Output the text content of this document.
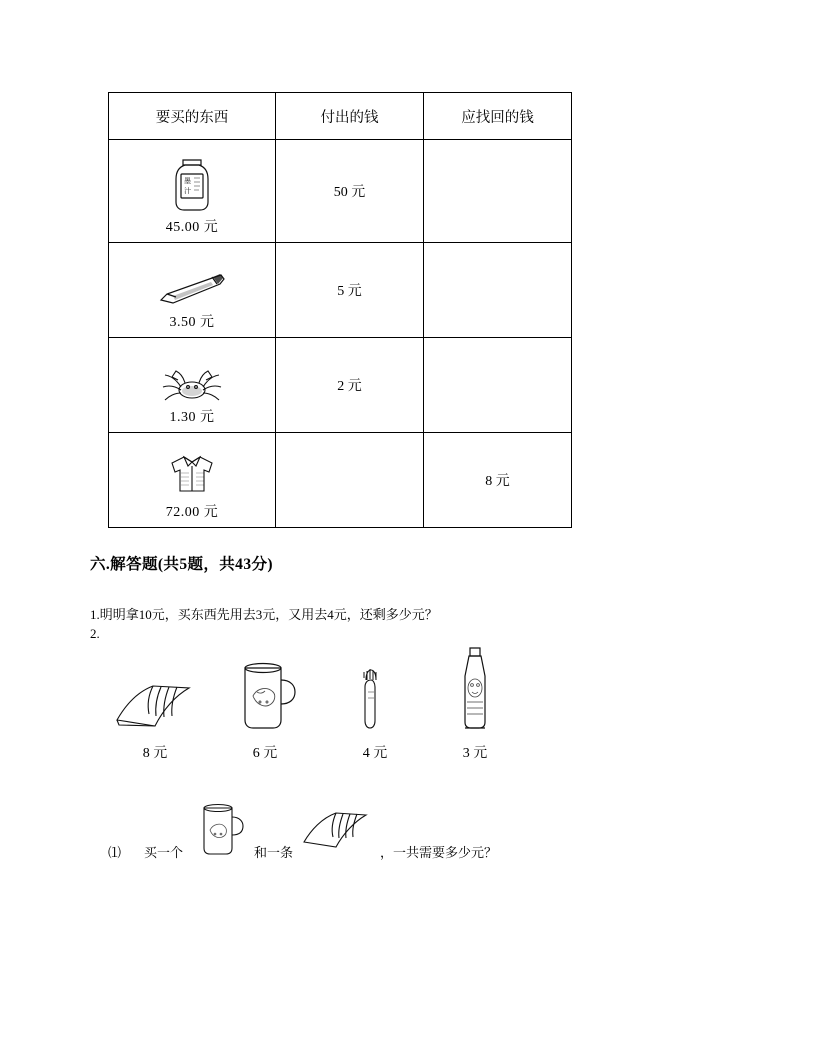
要买的东西	付出的钱	应找回的钱

墨
汁
45.00 元	50 元	

3.50 元	5 元	

1.30 元	2 元	

72.00 元		8 元
六.解答题(共5题，共43分)
1.明明拿10元，买东西先用去3元，又用去4元，还剩多少元？
2.
8 元	6 元	4 元	3 元
⑴ 买一个	和一条	，一共需要多少元？
